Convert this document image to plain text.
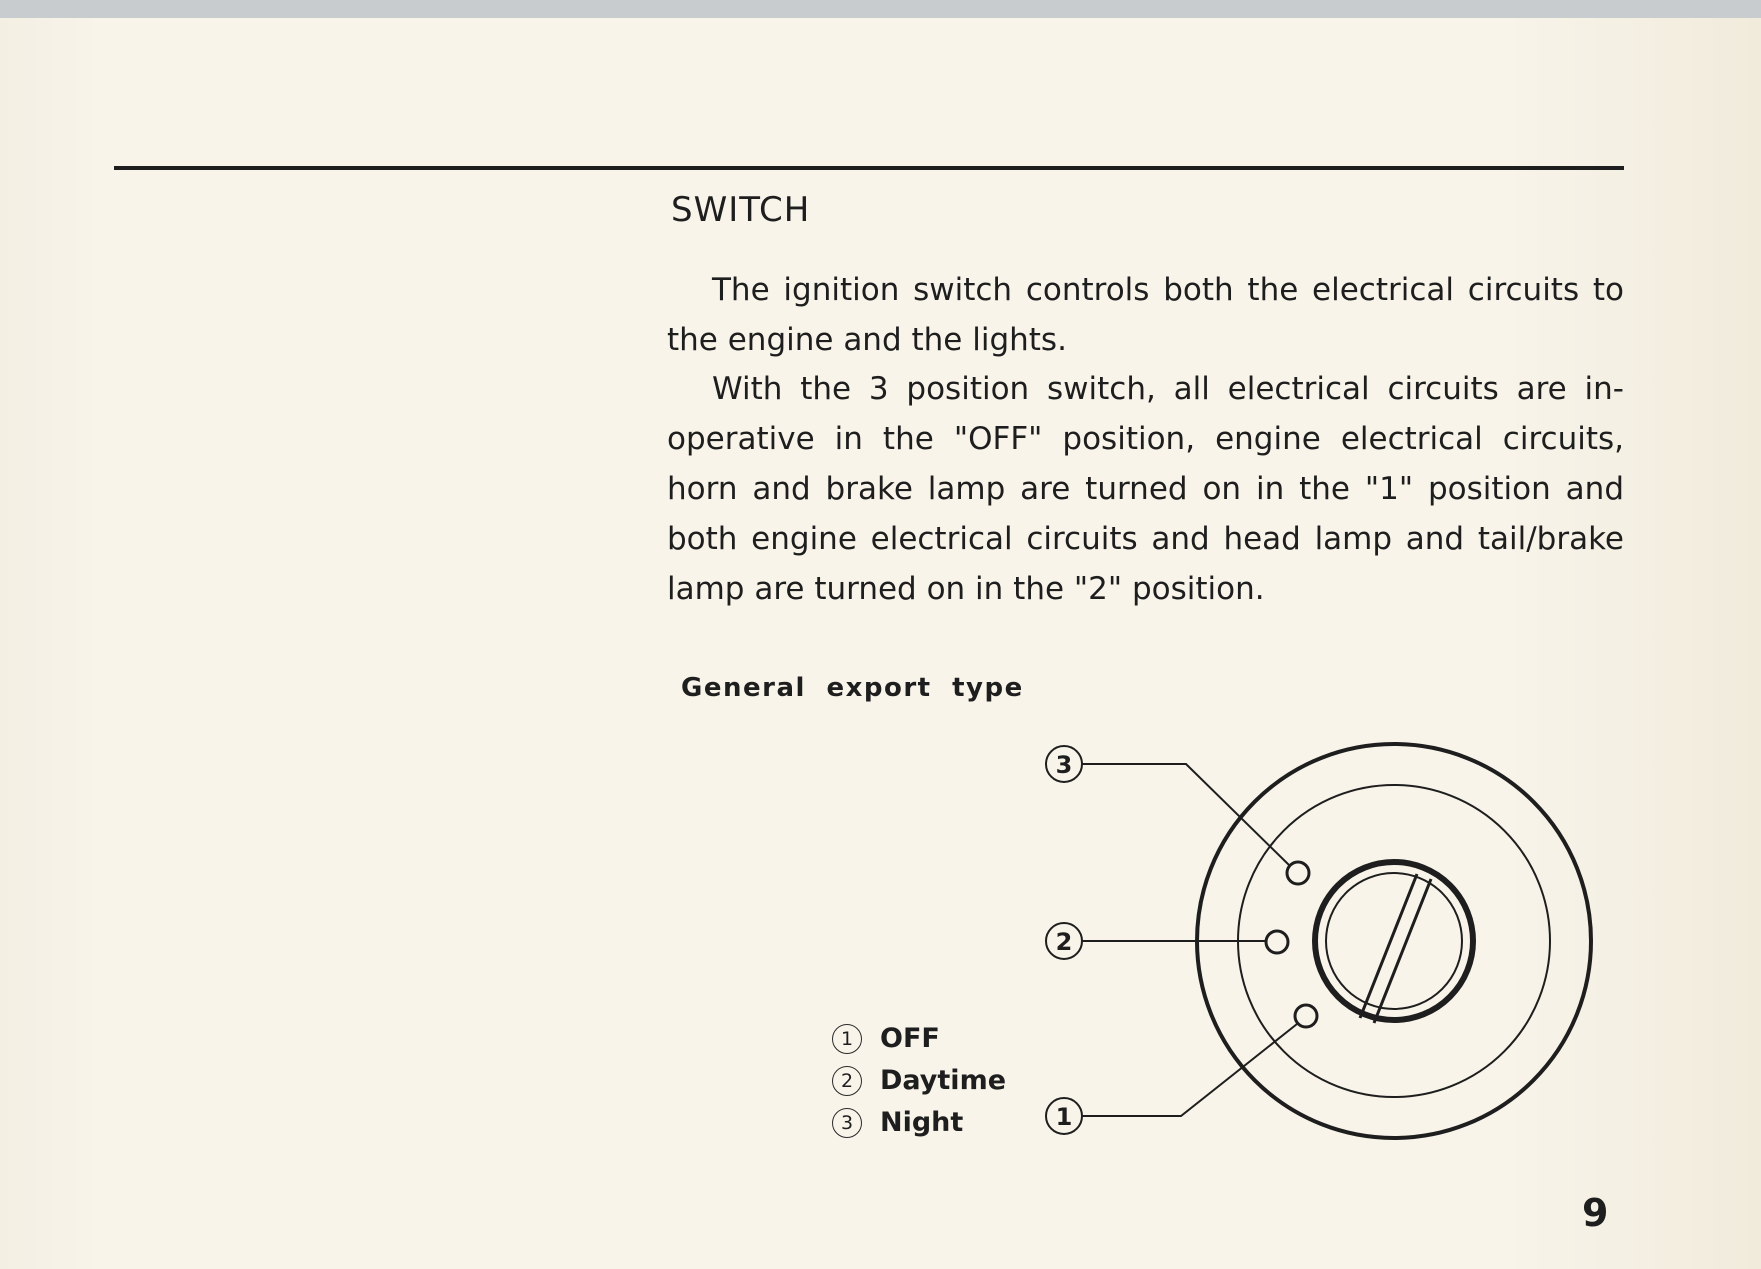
SWITCH

The ignition switch controls both the electrical circuits to the engine and the lights.

With the 3 position switch, all electrical circuits are in-operative in the "OFF" position, engine electrical circuits, horn and brake lamp are turned on in the "1" position and both engine electrical circuits and head lamp and tail/brake lamp are turned on in the "2" position.

General export type
3
2
1
1 OFF
2 Daytime
3 Night
9
